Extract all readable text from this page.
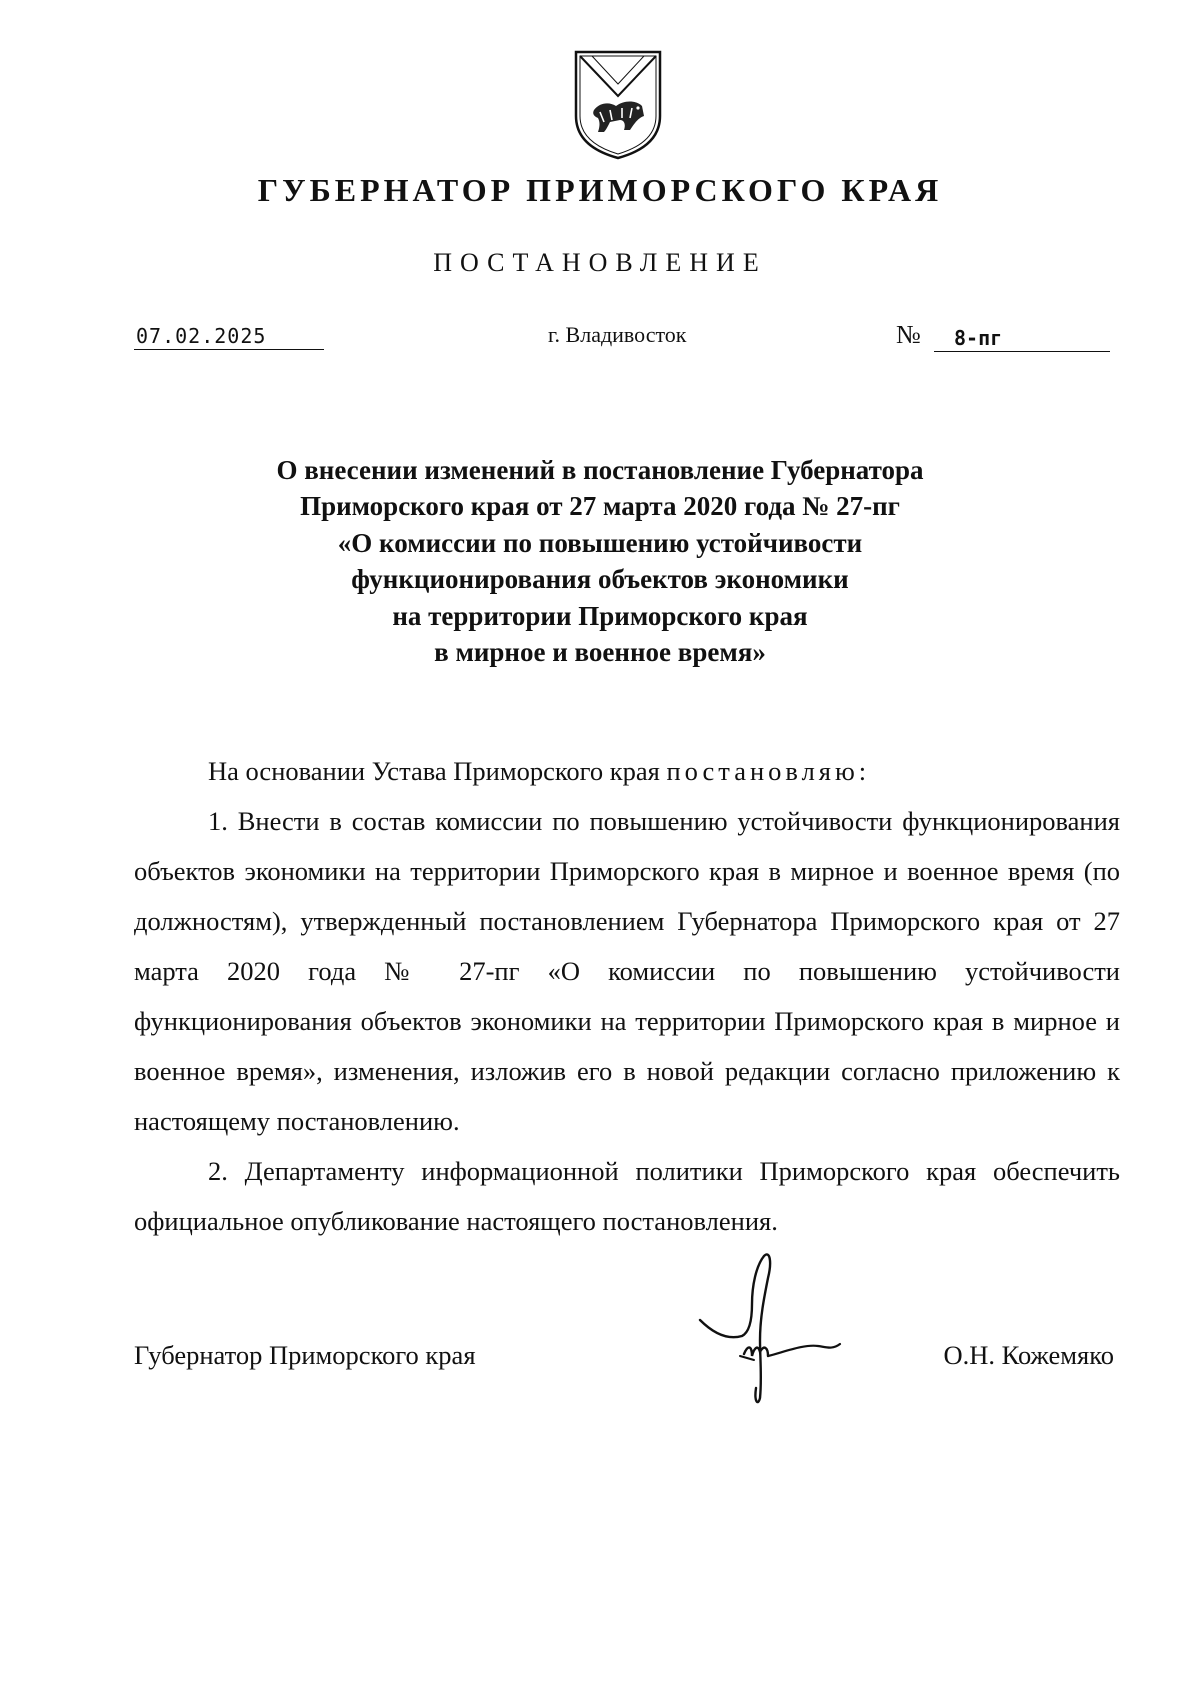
ГУБЕРНАТОР ПРИМОРСКОГО КРАЯ
ПОСТАНОВЛЕНИЕ
07.02.2025	г. Владивосток	№	8-пг
О внесении изменений в постановление Губернатора
Приморского края от 27 марта 2020 года № 27-пг
«О комиссии по повышению устойчивости
функционирования объектов экономики
на территории Приморского края
в мирное и военное время»

На основании Устава Приморского края постановляю:

1. Внести в состав комиссии по повышению устойчивости функционирования объектов экономики на территории Приморского края в мирное и военное время (по должностям), утвержденный постановлением Губернатора Приморского края от 27 марта 2020 года № 27-пг «О комиссии по повышению устойчивости функционирования объектов экономики на территории Приморского края в мирное и военное время», изменения, изложив его в новой редакции согласно приложению к настоящему постановлению.

2. Департаменту информационной политики Приморского края обеспечить официальное опубликование настоящего постановления.

Губернатор Приморского края	О.Н. Кожемяко
